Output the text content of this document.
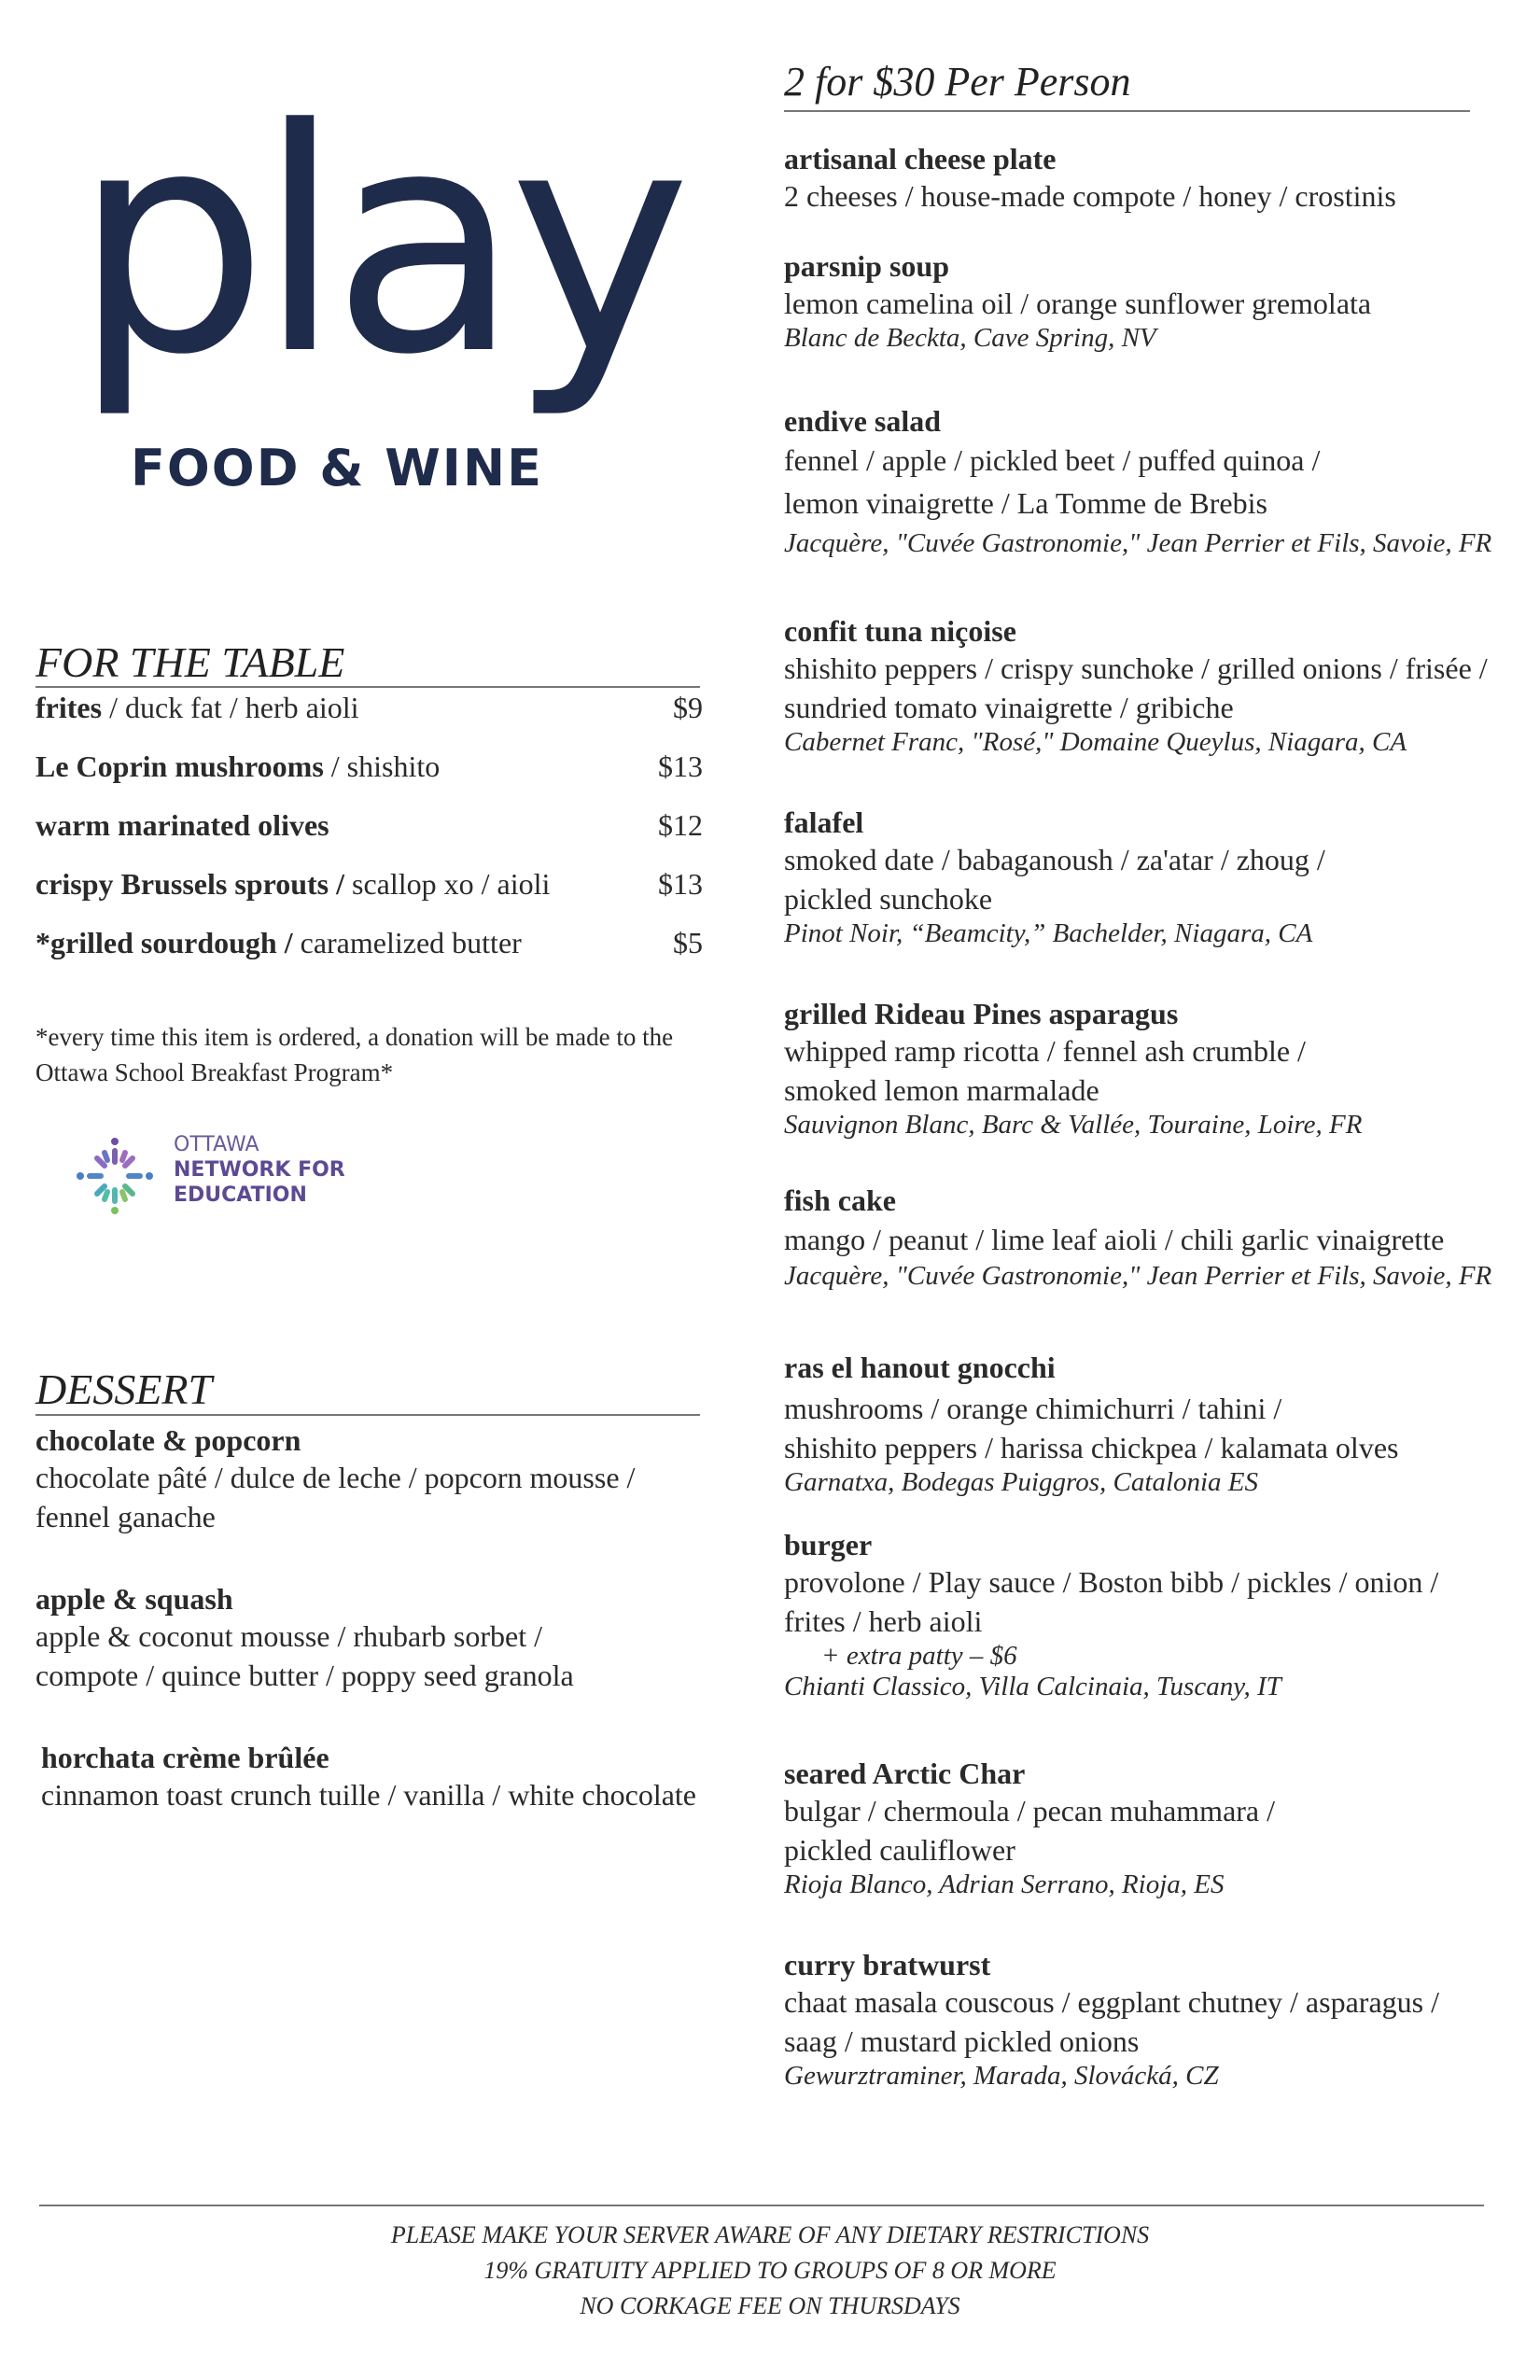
play
FOOD & WINE
2 for $30 Per Person
FOR THE TABLE
frites / duck fat / herb aioli	$9
Le Coprin mushrooms / shishito	$13
warm marinated olives	$12
crispy Brussels sprouts / scallop xo / aioli	$13
*grilled sourdough / caramelized butter	$5
*every time this item is ordered, a donation will be made to the
Ottawa School Breakfast Program*
OTTAWA
NETWORK FOR
EDUCATION
DESSERT
chocolate & popcorn
chocolate pâté / dulce de leche / popcorn mousse /
fennel ganache
apple & squash
apple & coconut mousse / rhubarb sorbet /
compote / quince butter / poppy seed granola
horchata crème brûlée
cinnamon toast crunch tuille / vanilla / white chocolate
artisanal cheese plate
2 cheeses / house-made compote / honey / crostinis
parsnip soup
lemon camelina oil / orange sunflower gremolata
Blanc de Beckta, Cave Spring, NV
endive salad
fennel / apple / pickled beet / puffed quinoa /
lemon vinaigrette / La Tomme de Brebis
Jacquère, "Cuvée Gastronomie," Jean Perrier et Fils, Savoie, FR
confit tuna niçoise
shishito peppers / crispy sunchoke / grilled onions / frisée /
sundried tomato vinaigrette / gribiche
Cabernet Franc, "Rosé," Domaine Queylus, Niagara, CA
falafel
smoked date / babaganoush / za'atar / zhoug /
pickled sunchoke
Pinot Noir, “Beamcity,” Bachelder, Niagara, CA
grilled Rideau Pines asparagus
whipped ramp ricotta / fennel ash crumble /
smoked lemon marmalade
Sauvignon Blanc, Barc & Vallée, Touraine, Loire, FR
fish cake
mango / peanut / lime leaf aioli / chili garlic vinaigrette
Jacquère, "Cuvée Gastronomie," Jean Perrier et Fils, Savoie, FR
ras el hanout gnocchi
mushrooms / orange chimichurri / tahini /
shishito peppers / harissa chickpea / kalamata olves
Garnatxa, Bodegas Puiggros, Catalonia ES
burger
provolone / Play sauce / Boston bibb / pickles / onion /
frites / herb aioli
+ extra patty – $6
Chianti Classico, Villa Calcinaia, Tuscany, IT
seared Arctic Char
bulgar / chermoula / pecan muhammara /
pickled cauliflower
Rioja Blanco, Adrian Serrano, Rioja, ES
curry bratwurst
chaat masala couscous / eggplant chutney / asparagus /
saag / mustard pickled onions
Gewurztraminer, Marada, Slovácká, CZ
PLEASE MAKE YOUR SERVER AWARE OF ANY DIETARY RESTRICTIONS
19% GRATUITY APPLIED TO GROUPS OF 8 OR MORE
NO CORKAGE FEE ON THURSDAYS
